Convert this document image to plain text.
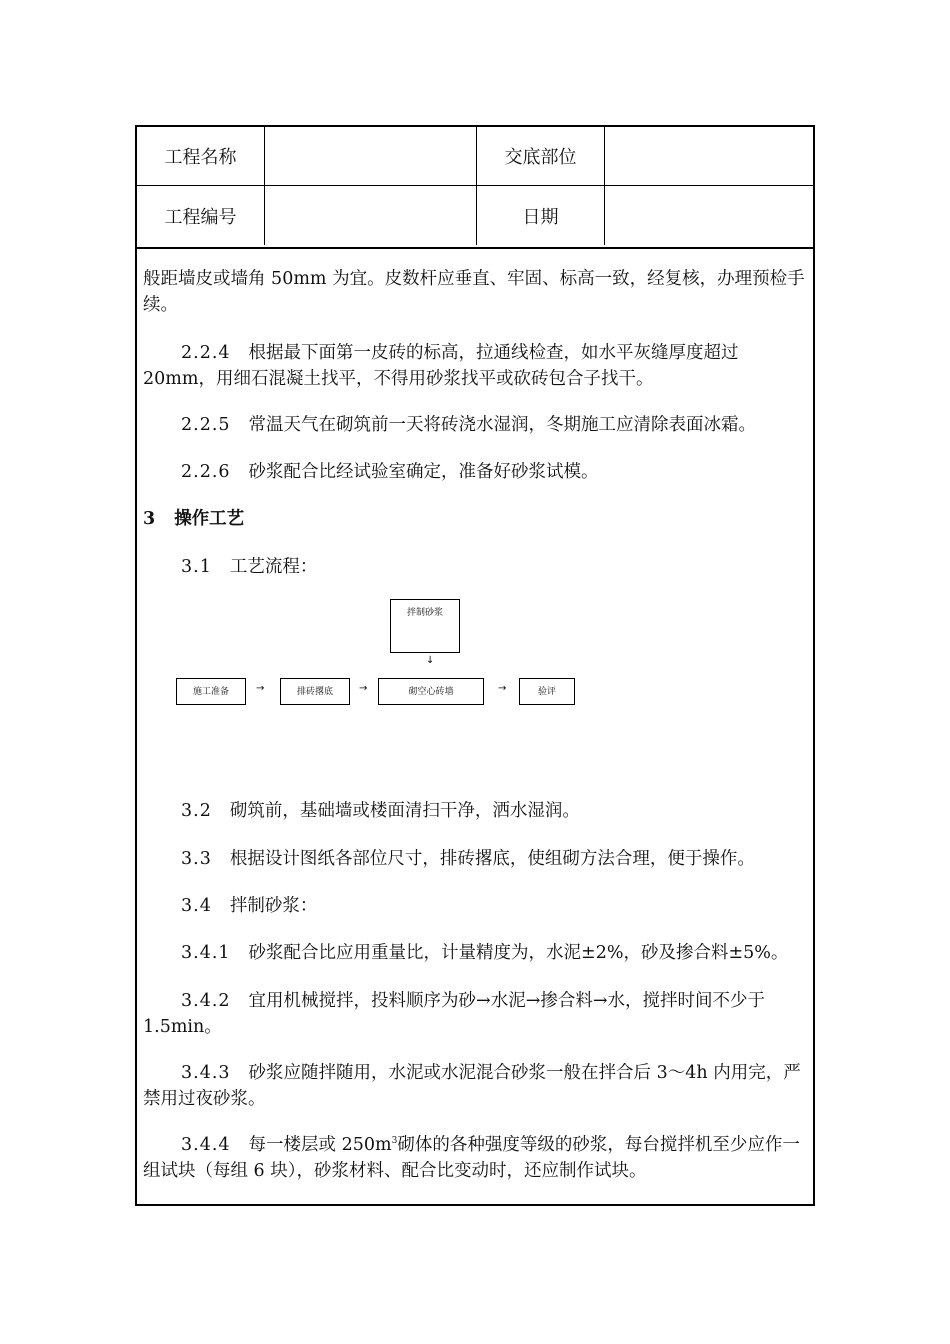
工程名称	交底部位
工程编号	日期
般距墙皮或墙角 50mm 为宜。皮数杆应垂直、牢固、标高一致，经复核，办理预检手续。
2.2.4 根据最下面第一皮砖的标高，拉通线检查，如水平灰缝厚度超过 20mm，用细石混凝土找平，不得用砂浆找平或砍砖包合子找干。
2.2.5 常温天气在砌筑前一天将砖浇水湿润，冬期施工应清除表面冰霜。
2.2.6 砂浆配合比经试验室确定，准备好砂浆试模。
3 操作工艺
3.1 工艺流程：
3.2 砌筑前，基础墙或楼面清扫干净，洒水湿润。
3.3 根据设计图纸各部位尺寸，排砖撂底，使组砌方法合理，便于操作。
3.4 拌制砂浆：
3.4.1 砂浆配合比应用重量比，计量精度为，水泥±2%，砂及掺合料±5%。
3.4.2 宜用机械搅拌，投料顺序为砂→水泥→掺合料→水，搅拌时间不少于 1.5min。
3.4.3 砂浆应随拌随用，水泥或水泥混合砂浆一般在拌合后 3～4h 内用完，严禁用过夜砂浆。
3.4.4 每一楼层或 $250m^3$砌体的各种强度等级的砂浆，每台搅拌机至少应作一组试块（每组 6 块），砂浆材料、配合比变动时，还应制作试块。
拌制砂浆
↓
施工准备	→	排砖撂底	→	砌空心砖墙	→	验评
